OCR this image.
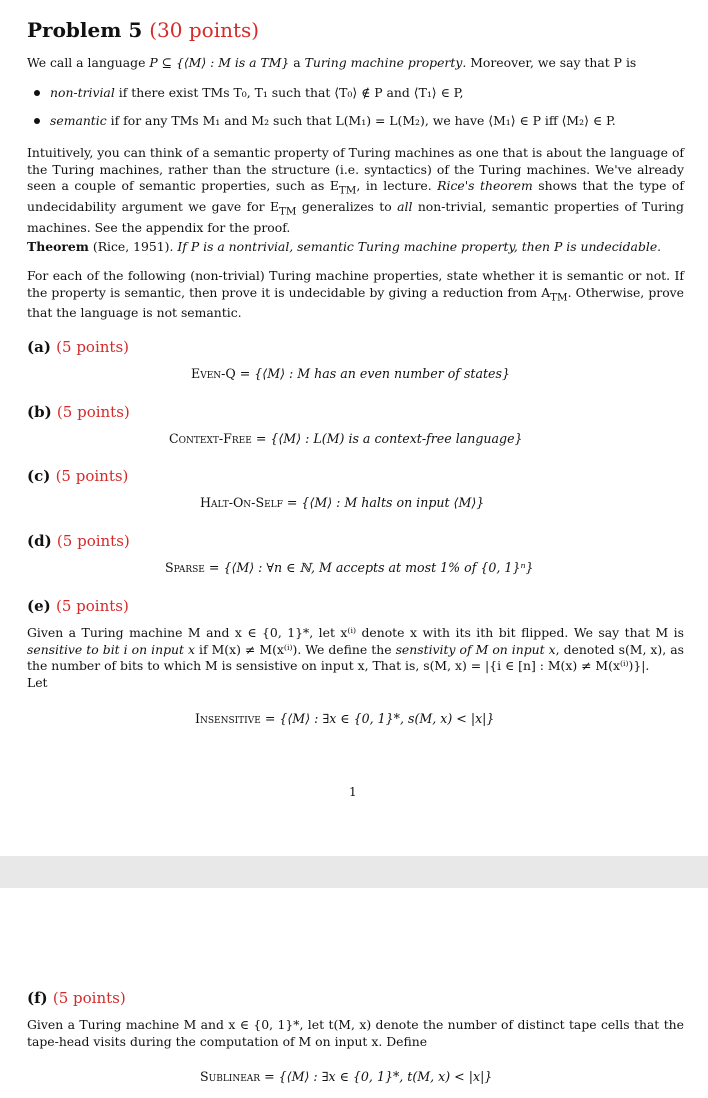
Problem 5 (30 points)
We call a language P ⊆ {⟨M⟩ : M is a TM} a Turing machine property. Moreover, we say that P is
non-trivial if there exist TMs T₀, T₁ such that ⟨T₀⟩ ∉ P and ⟨T₁⟩ ∈ P,
semantic if for any TMs M₁ and M₂ such that L(M₁) = L(M₂), we have ⟨M₁⟩ ∈ P iff ⟨M₂⟩ ∈ P.
Intuitively, you can think of a semantic property of Turing machines as one that is about the language of the Turing machines, rather than the structure (i.e. syntactics) of the Turing machines. We've already seen a couple of semantic properties, such as $E_{TM}$, in lecture. Rice's theorem shows that the type of undecidability argument we gave for $E_{TM}$ generalizes to all non-trivial, semantic properties of Turing machines. See the appendix for the proof.
Theorem (Rice, 1951). If P is a nontrivial, semantic Turing machine property, then P is undecidable.
For each of the following (non-trivial) Turing machine properties, state whether it is semantic or not. If the property is semantic, then prove it is undecidable by giving a reduction from $A_{TM}$. Otherwise, prove that the language is not semantic.
(a) (5 points)
Even-Q = {⟨M⟩ : M has an even number of states}
(b) (5 points)
Context-Free = {⟨M⟩ : L(M) is a context-free language}
(c) (5 points)
Halt-On-Self = {⟨M⟩ : M halts on input ⟨M⟩}
(d) (5 points)
Sparse = {⟨M⟩ : ∀n ∈ ℕ, M accepts at most 1% of {0, 1}ⁿ}
(e) (5 points)
Given a Turing machine M and x ∈ {0, 1}*, let x⁽ⁱ⁾ denote x with its ith bit flipped. We say that M is sensitive to bit i on input x if M(x) ≠ M(x⁽ⁱ⁾). We define the senstivity of M on input x, denoted s(M, x), as the number of bits to which M is sensistive on input x, That is, s(M, x) = |{i ∈ [n] : M(x) ≠ M(x⁽ⁱ⁾)}|.
Let
Insensitive = {⟨M⟩ : ∃x ∈ {0, 1}*, s(M, x) < |x|}
1
(f) (5 points)
Given a Turing machine M and x ∈ {0, 1}*, let t(M, x) denote the number of distinct tape cells that the tape-head visits during the computation of M on input x. Define
Sublinear = {⟨M⟩ : ∃x ∈ {0, 1}*, t(M, x) < |x|}
